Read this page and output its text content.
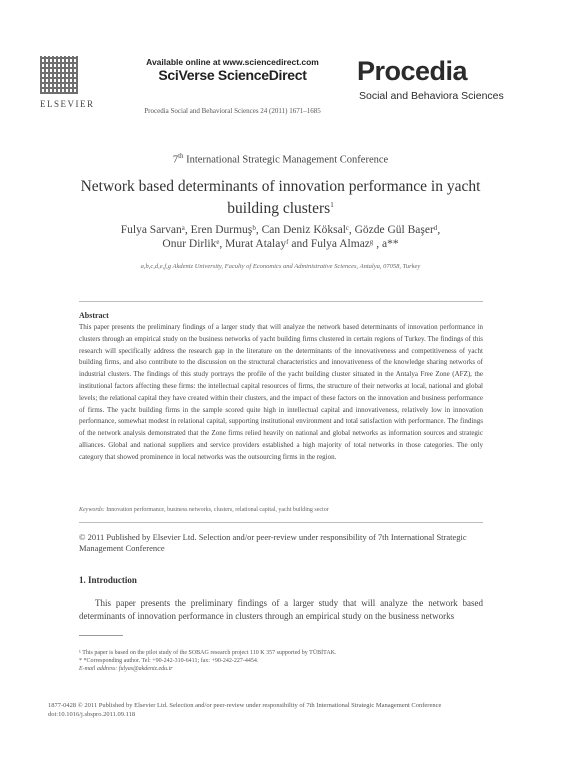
ELSEVIER
Available online at www.sciencedirect.com
SciVerse ScienceDirect
Procedia Social and Behavioral Sciences 24 (2011) 1671–1685
Procedia
Social and Behaviora Sciences
7th International Strategic Management Conference
Network based determinants of innovation performance in yacht building clusters$^1$
Fulya Sarvanᵃ, Eren Durmuşᵇ, Can Deniz Köksalᶜ, Gözde Gül Başerᵈ,
Onur Dirlikᵉ, Murat Atalayᶠ and Fulya Almazᵍ , a**
a,b,c,d,e,f,g Akdeniz University, Faculty of Economics and Administrative Sciences, Antalya, 07058, Turkey
Abstract
This paper presents the preliminary findings of a larger study that will analyze the network based determinants of innovation performance in clusters through an empirical study on the business networks of yacht building firms clustered in certain regions of Turkey. The findings of this research will specifically address the research gap in the literature on the determinants of the innovativeness and competitiveness of yacht building firms, and also contribute to the discussion on the structural characteristics and innovativeness of the knowledge sharing networks of industrial clusters. The findings of this study portrays the profile of the yacht building cluster situated in the Antalya Free Zone (AFZ), the institutional factors affecting these firms: the intellectual capital resources of firms, the structure of their networks at local, national and global levels; the relational capital they have created within their clusters, and the impact of these factors on the innovation and business performance of firms. The yacht building firms in the sample scored quite high in intellectual capital and innovativeness, relatively low in innovation performance, somewhat modest in relational capital, supporting institutional environment and total satisfaction with performance. The findings of the network analysis demonstrated that the Zone firms relied heavily on national and global networks as information sources and strategic alliances. Global and national suppliers and service providers established a high majority of total networks in those categories. The only category that showed prominence in local networks was the outsourcing firms in the region.
Keywords: Innovation performance, business networks, clusters, relational capital, yacht building sector
© 2011 Published by Elsevier Ltd. Selection and/or peer-review under responsibility of 7th International Strategic Management Conference
1. Introduction
This paper presents the preliminary findings of a larger study that will analyze the network based determinants of innovation performance in clusters through an empirical study on the business networks
¹ This paper is based on the pilot study of the SOBAG research project 110 K 357 supported by TÜBİTAK.
* *Corresponding author. Tel: +90-242-310-6411; fax: +90-242-227-4454.
E-mail address: fulyas@akdeniz.edu.tr
1877-0428 © 2011 Published by Elsevier Ltd. Selection and/or peer-review under responsibility of 7th International Strategic Management Conference
doi:10.1016/j.sbspro.2011.09.118
